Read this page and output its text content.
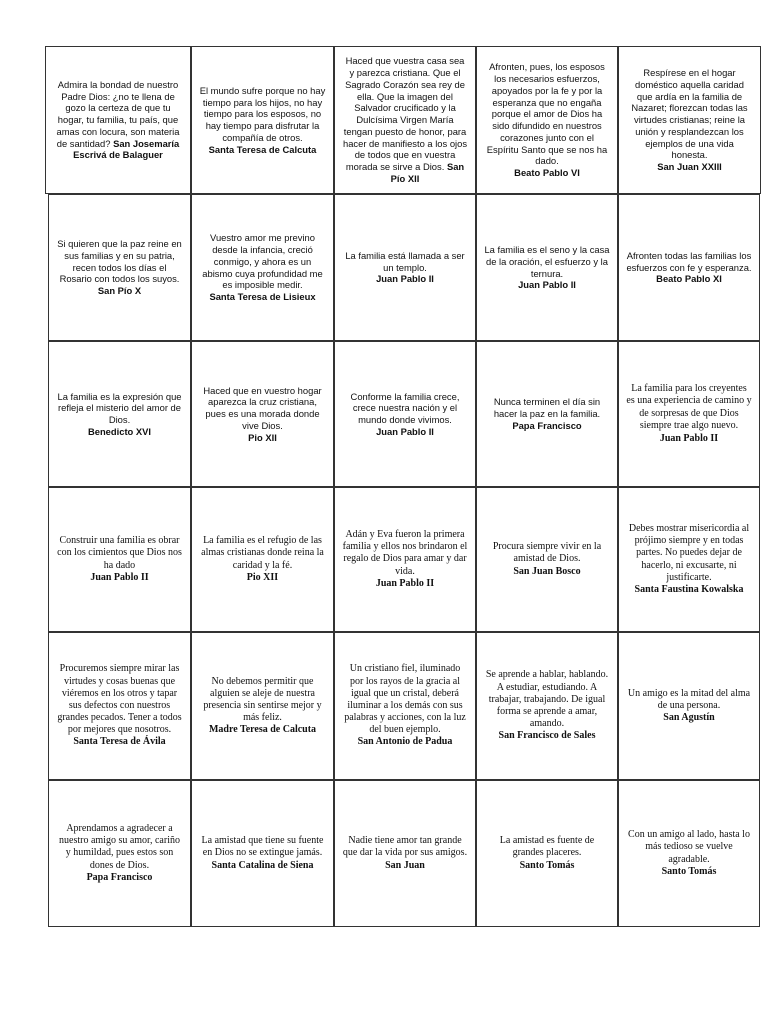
Admira la bondad de nuestro Padre Dios: ¿no te llena de gozo la certeza de que tu hogar, tu familia, tu país, que amas con locura, son materia de santidad? San Josemaría Escrivá de Balaguer
El mundo sufre porque no hay tiempo para los hijos, no hay tiempo para los esposos, no hay tiempo para disfrutar la compañía de otros.
Santa Teresa de Calcuta
Haced que vuestra casa sea y parezca cristiana. Que el Sagrado Corazón sea rey de ella. Que la imagen del Salvador crucificado y la Dulcísima Virgen María tengan puesto de honor, para hacer de manifiesto a los ojos de todos que en vuestra morada se sirve a Dios. San Pío XII
Afronten, pues, los esposos los necesarios esfuerzos, apoyados por la fe y por la esperanza que no engaña porque el amor de Dios ha sido difundido en nuestros corazones junto con el Espíritu Santo que se nos ha dado.
Beato Pablo VI
Respírese en el hogar doméstico aquella caridad que ardía en la familia de Nazaret; florezcan todas las virtudes cristianas; reine la unión y resplandezcan los ejemplos de una vida honesta.
San Juan XXIII
Si quieren que la paz reine en sus familias y en su patria, recen todos los días el Rosario con todos los suyos.
San Pío X
Vuestro amor me previno desde la infancia, creció conmigo, y ahora es un abismo cuya profundidad me es imposible medir.
Santa Teresa de Lisieux
La familia está llamada a ser un templo.
Juan Pablo II
La familia es el seno y la casa de la oración, el esfuerzo y la ternura.
Juan Pablo II
Afronten todas las familias los esfuerzos con fe y esperanza.
Beato Pablo XI
La familia es la expresión que refleja el misterio del amor de Dios.
Benedicto XVI
Haced que en vuestro hogar aparezca la cruz cristiana, pues es una morada donde vive Dios.
Pio XII
Conforme la familia crece, crece nuestra nación y el mundo donde vivimos.
Juan Pablo II
Nunca terminen el día sin hacer la paz en la familia.
Papa Francisco
La familia para los creyentes es una experiencia de camino y de sorpresas de que Dios siempre trae algo nuevo.
Juan Pablo II
Construir una familia es obrar con los cimientos que Dios nos ha dado
Juan Pablo II
La familia es el refugio de las almas cristianas donde reina la caridad y la fé.
Pio XII
Adán y Eva fueron la primera familia y ellos nos brindaron el regalo de Dios para amar y dar vida.
Juan Pablo II
Procura siempre vivir en la amistad de Dios.
San Juan Bosco
Debes mostrar misericordia al prójimo siempre y en todas partes. No puedes dejar de hacerlo, ni excusarte, ni justificarte.
Santa Faustina Kowalska
Procuremos siempre mirar las virtudes y cosas buenas que viéremos en los otros y tapar sus defectos con nuestros grandes pecados. Tener a todos por mejores que nosotros.
Santa Teresa de Ávila
No debemos permitir que alguien se aleje de nuestra presencia sin sentirse mejor y más feliz.
Madre Teresa de Calcuta
Un cristiano fiel, iluminado por los rayos de la gracia al igual que un cristal, deberá iluminar a los demás con sus palabras y acciones, con la luz del buen ejemplo.
San Antonio de Padua
Se aprende a hablar, hablando. A estudiar, estudiando. A trabajar, trabajando. De igual forma se aprende a amar, amando.
San Francisco de Sales
Un amigo es la mitad del alma de una persona.
San Agustín
Aprendamos a agradecer a nuestro amigo su amor, cariño y humildad, pues estos son dones de Dios.
Papa Francisco
La amistad que tiene su fuente en Dios no se extingue jamás.
Santa Catalina de Siena
Nadie tiene amor tan grande que dar la vida por sus amigos.
San Juan
La amistad es fuente de grandes placeres.
Santo Tomás
Con un amigo al lado, hasta lo más tedioso se vuelve agradable.
Santo Tomás
